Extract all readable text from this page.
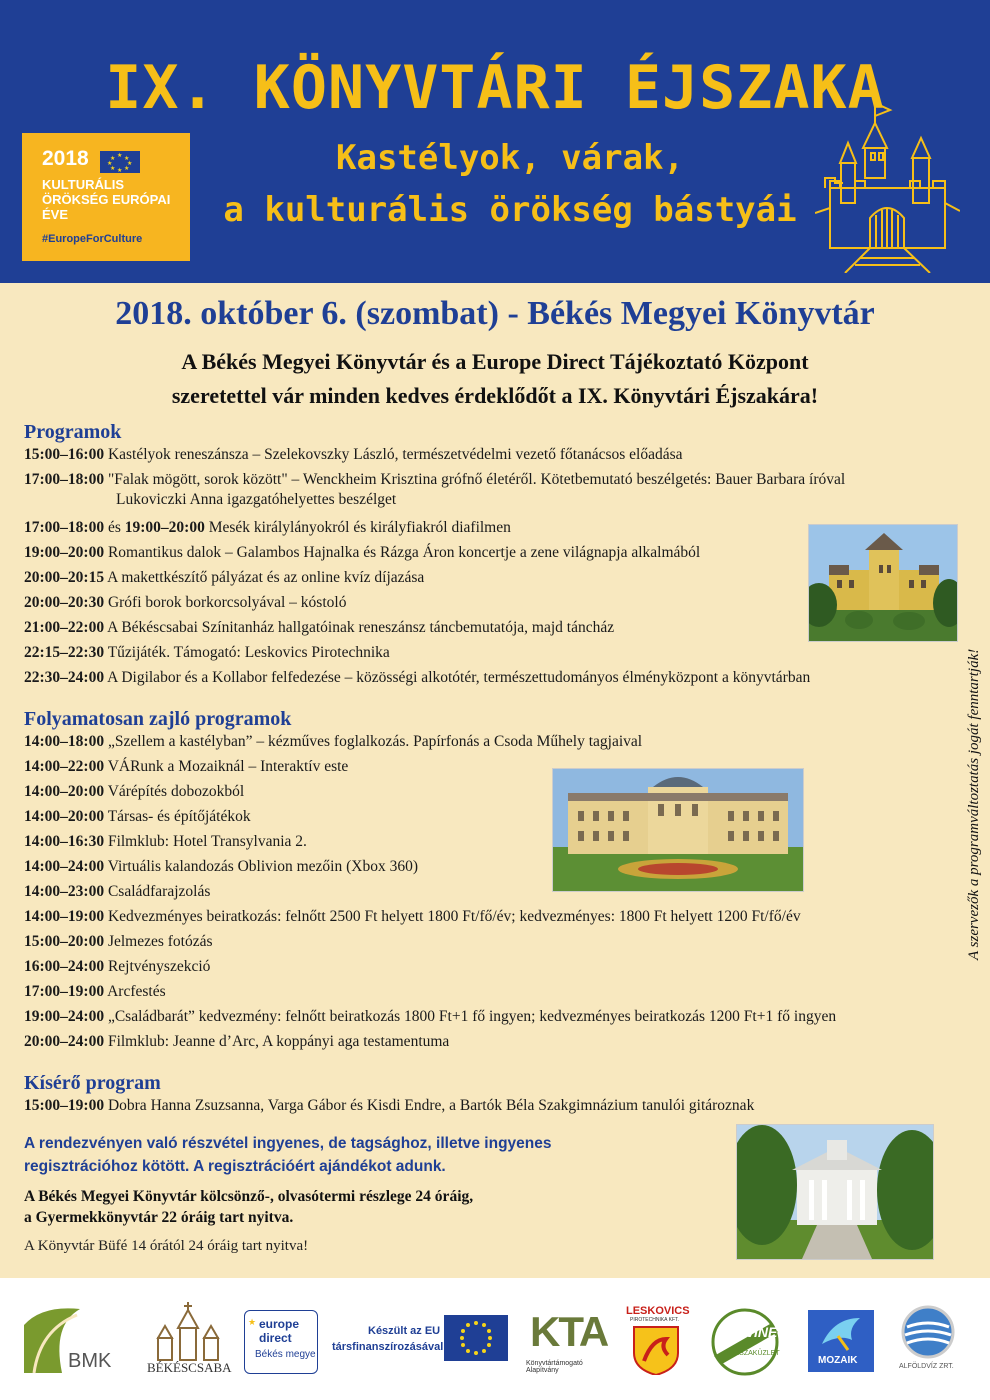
IX. KÖNYVTÁRI ÉJSZAKA
Kastélyok, várak,
a kulturális örökség bástyái
2018	★ ★
★
★
★
★
★
★
KULTURÁLIS
ÖRÖKSÉG EURÓPAI
ÉVE
#EuropeForCulture
2018. október 6. (szombat) - Békés Megyei Könyvtár
A Békés Megyei Könyvtár és a Europe Direct Tájékoztató Központ
szeretettel vár minden kedves érdeklődőt a IX. Könyvtári Éjszakára!
Programok
15:00–16:00 Kastélyok reneszánsza – Szelekovszky László, természetvédelmi vezető főtanácsos előadása
17:00–18:00 "Falak mögött, sorok között" – Wenckheim Krisztina grófnő életéről. Kötetbemutató beszélgetés: Bauer Barbara íróval
Lukoviczki Anna igazgatóhelyettes beszélget
17:00–18:00 és 19:00–20:00 Mesék királylányokról és királyfiakról diafilmen
19:00–20:00 Romantikus dalok – Galambos Hajnalka és Rázga Áron koncertje a zene világnapja alkalmából
20:00–20:15 A makettkészítő pályázat és az online kvíz díjazása
20:00–20:30 Grófi borok borkorcsolyával – kóstoló
21:00–22:00 A Békéscsabai Színitanház hallgatóinak reneszánsz táncbemutatója, majd táncház
22:15–22:30 Tűzijáték. Támogató: Leskovics Pirotechnika
22:30–24:00 A Digilabor és a Kollabor felfedezése – közösségi alkotótér, természettudományos élményközpont a könyvtárban	A szervezők a programváltoztatás jogát fenntartják!
Folyamatosan zajló programok
14:00–18:00 „Szellem a kastélyban” – kézműves foglalkozás. Papírfonás a Csoda Műhely tagjaival
14:00–22:00 VÁRunk a Mozaiknál – Interaktív este
14:00–20:00 Várépítés dobozokból
14:00–20:00 Társas- és építőjátékok
14:00–16:30 Filmklub: Hotel Transylvania 2.
14:00–24:00 Virtuális kalandozás Oblivion mezőin (Xbox 360)
14:00–23:00 Családfarajzolás
14:00–19:00 Kedvezményes beiratkozás: felnőtt 2500 Ft helyett 1800 Ft/fő/év; kedvezményes: 1800 Ft helyett 1200 Ft/fő/év
15:00–20:00 Jelmezes fotózás
16:00–24:00 Rejtvényszekció
17:00–19:00 Arcfestés
19:00–24:00 „Családbarát” kedvezmény: felnőtt beiratkozás 1800 Ft+1 fő ingyen; kedvezményes beiratkozás 1200 Ft+1 fő ingyen
20:00–24:00 Filmklub: Jeanne d’Arc, A koppányi aga testamentuma
Kísérő program
15:00–19:00 Dobra Hanna Zsuzsanna, Varga Gábor és Kisdi Endre, a Bartók Béla Szakgimnázium tanulói gitároznak
A rendezvényen való részvétel ingyenes, de tagsághoz, illetve ingyenes
regisztrációhoz kötött. A regisztrációért ajándékot adunk.
A Békés Megyei Könyvtár kölcsönző-, olvasótermi részlege 24 óráig,
a Gyermekkönyvtár 22 óráig tart nyitva.
A Könyvtár Büfé 14 órától 24 óráig tart nyitva!
BMK	BÉKÉSCSABA
europe
direct
Békés megye
★
Készült az EU
társfinanszírozásával KTA
Könyvtártámogató Alapítvány
LESKOVICS
PIROTECHNIKA KFT.
ErWINE
BORSZAKÜZLET
MOZAIK
ALFÖLDVÍZ ZRT.
